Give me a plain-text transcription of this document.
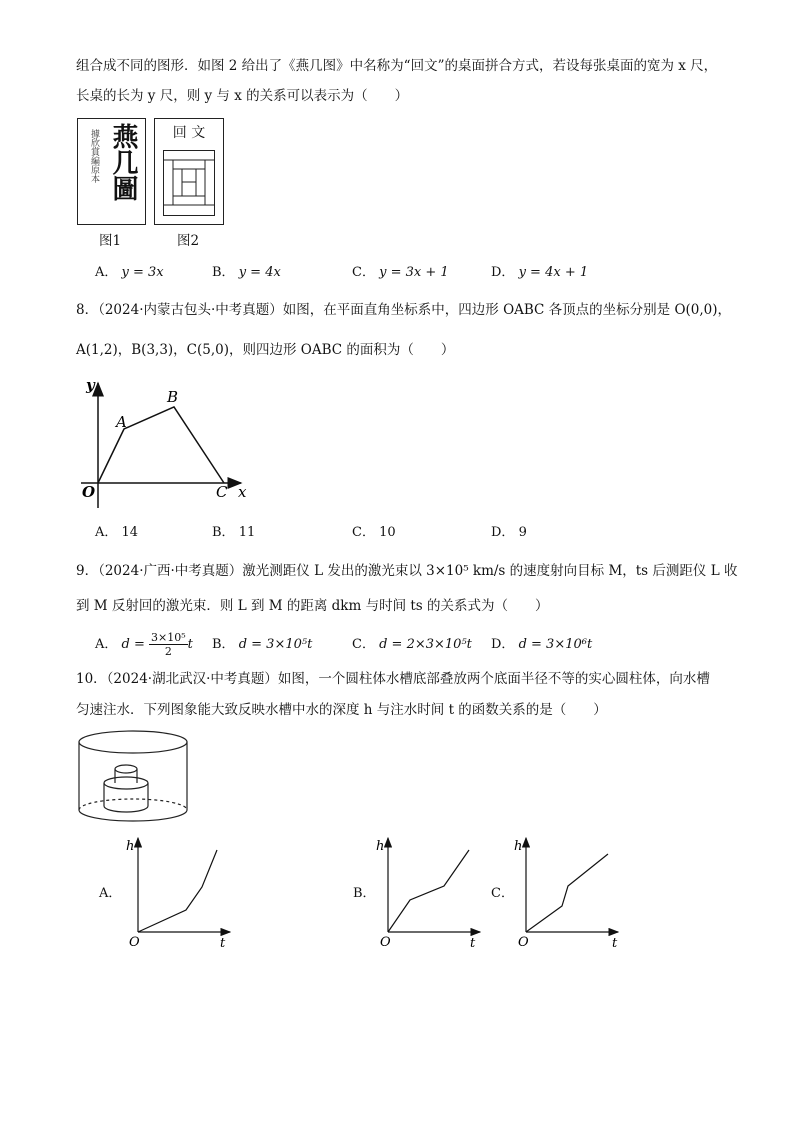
组合成不同的图形．如图 2 给出了《燕几图》中名称为“回文”的桌面拼合方式，若设每张桌面的宽为 x 尺，
长桌的长为 y 尺，则 y 与 x 的关系可以表示为（　　）
據欣賞編原本 燕几圖
图1
回 文
图2
A． y = 3x	B． y = 4x	C． y = 3x + 1	D． y = 4x + 1
8．（2024·内蒙古包头·中考真题）如图，在平面直角坐标系中，四边形 OABC 各顶点的坐标分别是 O(0,0)，
A(1,2)，B(3,3)，C(5,0)，则四边形 OABC 的面积为（　　）
y
x
O
A
B
C
A． 14	B． 11	C． 10	D． 9
9．（2024·广西·中考真题）激光测距仪 L 发出的激光束以 3×10⁵ km/s 的速度射向目标 M，ts 后测距仪 L 收
到 M 反射回的激光束．则 L 到 M 的距离 dkm 与时间 ts 的关系式为（　　）
A． $d = \frac{\text{3×10⁵}}{2}$ t B． d = 3×10⁵t	C． d = 2×3×10⁵t D． d = 3×10⁶t
10．（2024·湖北武汉·中考真题）如图，一个圆柱体水槽底部叠放两个底面半径不等的实心圆柱体，向水槽
匀速注水．下列图象能大致反映水槽中水的深度 h 与注水时间 t 的函数关系的是（　　）
A．
h
t
O
B．
h
t
O
C．
h
t
O
